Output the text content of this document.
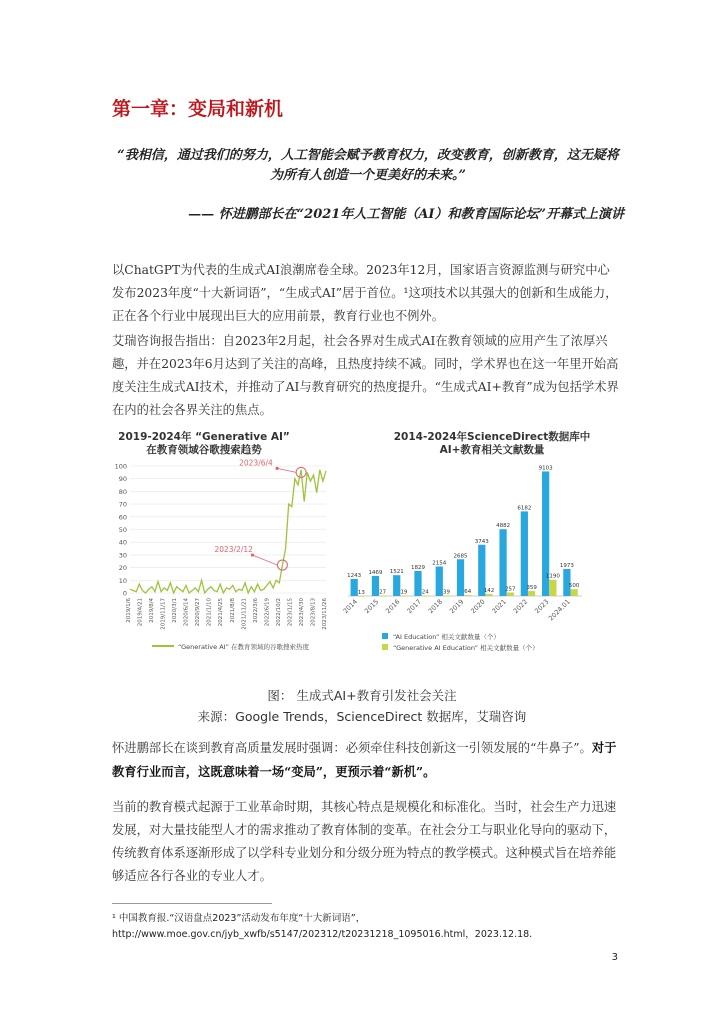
第一章：变局和新机
“我相信，通过我们的努力，人工智能会赋予教育权力，改变教育，创新教育，这无疑将为所有人创造一个更美好的未来。”
—— 怀进鹏部长在“2021年人工智能（AI）和教育国际论坛”开幕式上演讲

以ChatGPT为代表的生成式AI浪潮席卷全球。2023年12月，国家语言资源监测与研究中心发布2023年度“十大新词语”，“生成式AI”居于首位。¹这项技术以其强大的创新和生成能力，正在各个行业中展现出巨大的应用前景，教育行业也不例外。

艾瑞咨询报告指出：自2023年2月起，社会各界对生成式AI在教育领域的应用产生了浓厚兴趣，并在2023年6月达到了关注的高峰，且热度持续不减。同时，学术界也在这一年里开始高度关注生成式AI技术，并推动了AI与教育研究的热度提升。“生成式AI+教育”成为包括学术界在内的社会各界关注的焦点。

2019-2024年 “Generative AI”
在教育领域谷歌搜索趋势
100
90
80
70
60
50
40
30
20
10
0
2019/1/6 2019/4/21 2019/8/4 2019/11/17 2020/3/1 2020/6/14 2020/9/27 2021/1/10 2021/4/25 2021/8/8 2021/11/21 2022/3/6 2022/6/19 2022/10/2 2023/1/15 2023/4/30 2023/8/13 2023/11/26
2023/6/4
2023/2/12
“Generative AI” 在教育领域的谷歌搜索热度
2014-2024年ScienceDirect数据库中
AI+教育相关文献数量
1243
1469 1521
1829
2154
2685
3743
4882
6182
9103
1973
13	27	19	24	39	64 142 257 359
1190
500
2014 2015 2016 2017 2018 2019 2020 2021 2022 2023
2024.01
“AI Education” 相关文献数量（个）
“Generative AI Education” 相关文献数量（个）
图： 生成式AI+教育引发社会关注
来源：Google Trends，ScienceDirect 数据库，艾瑞咨询

怀进鹏部长在谈到教育高质量发展时强调：必须牵住科技创新这一引领发展的“牛鼻子”。对于教育行业而言，这既意味着一场“变局”，更预示着“新机”。

当前的教育模式起源于工业革命时期，其核心特点是规模化和标准化。当时，社会生产力迅速发展，对大量技能型人才的需求推动了教育体制的变革。在社会分工与职业化导向的驱动下，传统教育体系逐渐形成了以学科专业划分和分级分班为特点的教学模式。这种模式旨在培养能够适应各行各业的专业人才。

¹ 中国教育报.“汉语盘点2023”活动发布年度“十大新词语”，
http://www.moe.gov.cn/jyb_xwfb/s5147/202312/t20231218_1095016.html，2023.12.18.
3
